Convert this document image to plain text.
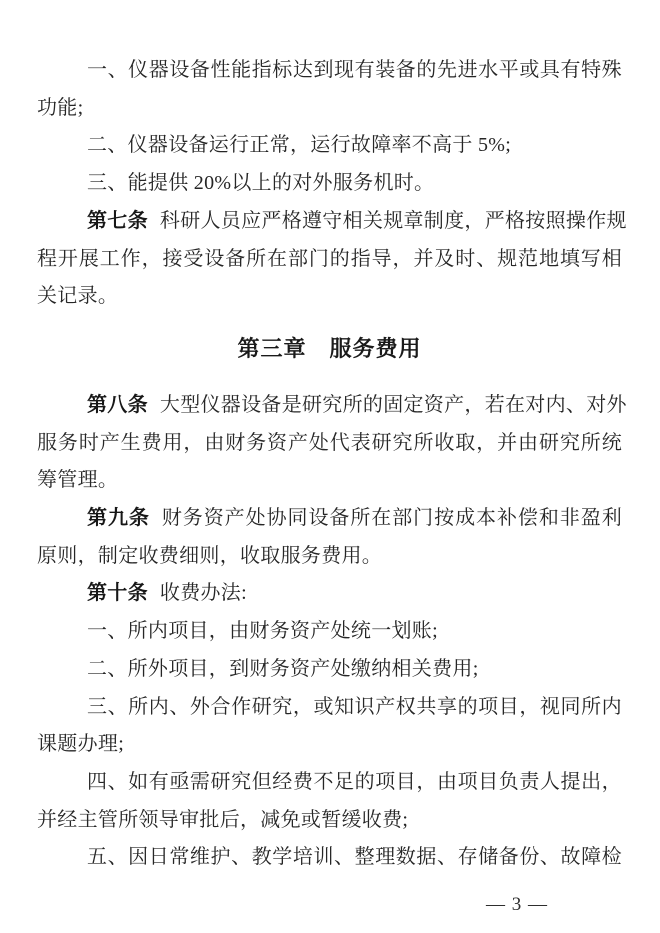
一、仪器设备性能指标达到现有装备的先进水平或具有特殊
功能;
二、仪器设备运行正常，运行故障率不高于 5%;
三、能提供 20%以上的对外服务机时。
第七条 科研人员应严格遵守相关规章制度，严格按照操作规
程开展工作，接受设备所在部门的指导，并及时、规范地填写相
关记录。
第三章　服务费用
第八条 大型仪器设备是研究所的固定资产，若在对内、对外
服务时产生费用，由财务资产处代表研究所收取，并由研究所统
筹管理。
第九条 财务资产处协同设备所在部门按成本补偿和非盈利
原则，制定收费细则，收取服务费用。
第十条 收费办法:
一、所内项目，由财务资产处统一划账;
二、所外项目，到财务资产处缴纳相关费用;
三、所内、外合作研究，或知识产权共享的项目，视同所内
课题办理;
四、如有亟需研究但经费不足的项目，由项目负责人提出，
并经主管所领导审批后，减免或暂缓收费;
五、因日常维护、教学培训、整理数据、存储备份、故障检
— 3 —
